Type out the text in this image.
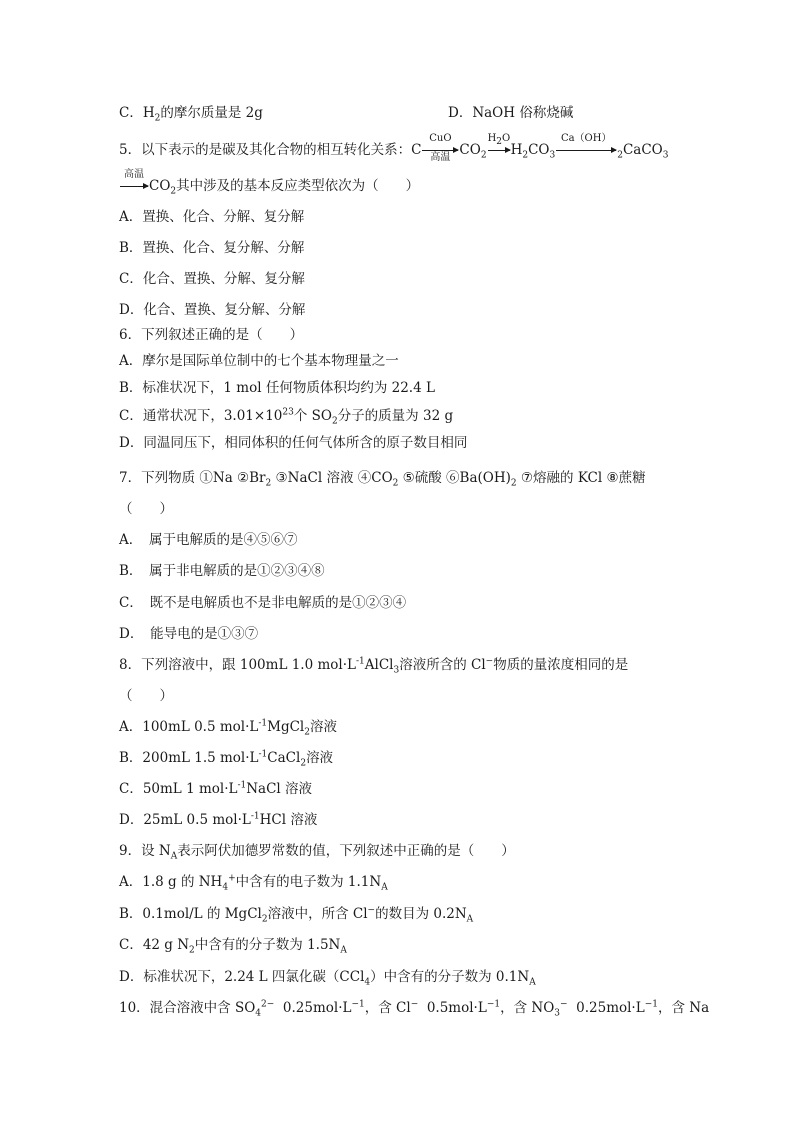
C．$H_2$的摩尔质量是 2g	D．NaOH 俗称烧碱
5．以下表示的是碳及其化合物的相互转化关系：C
CuO
高温 $CO_2$
$H_2O$
$H_2CO_3$
Ca（OH）
$_2$CaCO$_3$
高温
$CO_2$其中涉及的基本反应类型依次为（　　）
A．置换、化合、分解、复分解
B．置换、化合、复分解、分解
C．化合、置换、分解、复分解
D．化合、置换、复分解、分解
6．下列叙述正确的是（　　）
A．摩尔是国际单位制中的七个基本物理量之一
B．标准状况下，1 mol 任何物质体积均约为 22.4 L
C．通常状况下，$3.01\times 10^{23}$个 $SO_2$分子的质量为 32 g
D．同温同压下，相同体积的任何气体所含的原子数目相同
7．下列物质 ①Na $②Br_2$ ③NaCl 溶液 $④CO_2$ ⑤硫酸 $⑥Ba(OH)_2$ ⑦熔融的 KCl ⑧蔗糖
（　　）
A．　属于电解质的是④⑤⑥⑦
B．　属于非电解质的是①②③④⑧
C．　既不是电解质也不是非电解质的是①②③④
D．　能导电的是①③⑦
8．下列溶液中，跟 100mL 1.0 $mol\cdot L^{-1}AlCl_3$溶液所含的 Cl−物质的量浓度相同的是
（　　）
A．100mL 0.5 $mol\cdot L^{-1}MgCl_2$溶液
B．200mL 1.5 $mol\cdot L^{-1}CaCl_2$溶液
C．50mL 1 $mol\cdot L^{-1}NaCl$ 溶液
D．25mL 0.5 $mol\cdot L^{-1}HCl$ 溶液
9．设 $N_A$表示阿伏加德罗常数的值，下列叙述中正确的是（　　）
A．1.8 g 的 $NH_4^+$中含有的电子数为 $1.1N_A$
B．0.1mol/L 的 MgCl$_2$溶液中，所含 Cl−的数目为 $0.2N_A$
C．42 g $N_2$中含有的分子数为 $1.5N_A$
D．标准状况下，2.24 L 四氯化碳（CCl$_4$）中含有的分子数为 $0.1N_A$
10．混合溶液中含 $SO_4^{2-}$  $0.25mol\cdot L^{-1}$，含 Cl−  $0.5mol\cdot L^{-1}$，含 $NO_3^-$  $0.25mol\cdot L^{-1}$，含 Na
